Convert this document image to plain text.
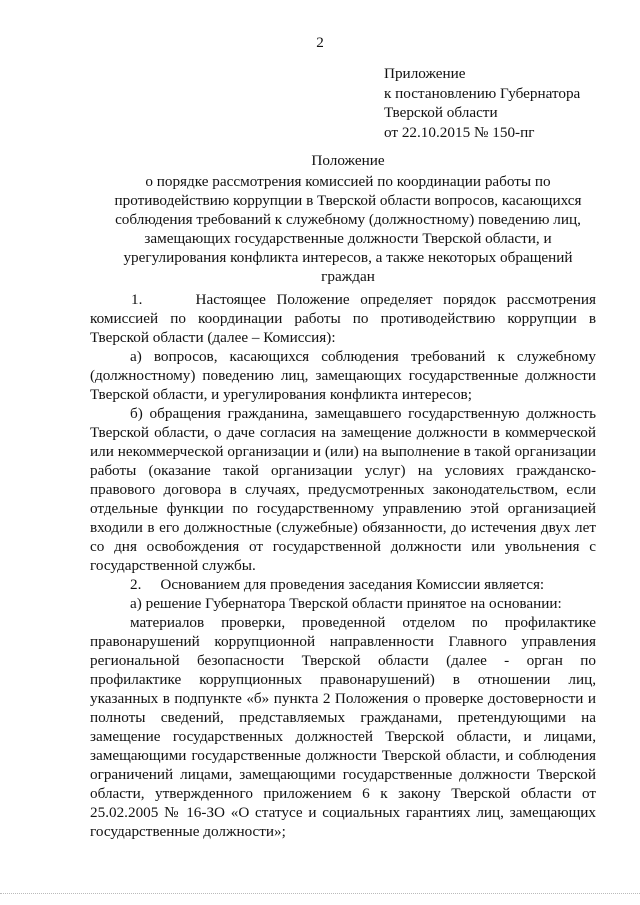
2
Приложение
к постановлению Губернатора
Тверской области
от 22.10.2015 № 150-пг
Положение
о порядке рассмотрения комиссией по координации работы по противодействию коррупции в Тверской области вопросов, касающихся соблюдения требований к служебному (должностному) поведению лиц, замещающих государственные должности Тверской области, и урегулирования конфликта интересов, а также некоторых обращений граждан

1.     Настоящее Положение определяет порядок рассмотрения комиссией по координации работы по противодействию коррупции в Тверской области (далее – Комиссия):

а) вопросов, касающихся соблюдения требований к служебному (должностному) поведению лиц, замещающих государственные должности Тверской области, и урегулирования конфликта интересов;

б) обращения гражданина, замещавшего государственную должность Тверской области, о даче согласия на замещение должности в коммерческой или некоммерческой организации и (или) на выполнение в такой организации работы (оказание такой организации услуг) на условиях гражданско-правового договора в случаях, предусмотренных законодательством, если отдельные функции по государственному управлению этой организацией входили в его должностные (служебные) обязанности, до истечения двух лет со дня освобождения от государственной должности или увольнения с государственной службы.

2.     Основанием для проведения заседания Комиссии является:

а) решение Губернатора Тверской области принятое на основании:

материалов проверки, проведенной отделом по профилактике правонарушений коррупционной направленности Главного управления региональной безопасности Тверской области (далее - орган по профилактике коррупционных правонарушений) в отношении лиц, указанных в подпункте «б» пункта 2 Положения о проверке достоверности и полноты сведений, представляемых гражданами, претендующими на замещение государственных должностей Тверской области, и лицами, замещающими государственные должности Тверской области, и соблюдения ограничений лицами, замещающими государственные должности Тверской области, утвержденного приложением 6 к закону Тверской области от 25.02.2005 № 16-ЗО «О статусе и социальных гарантиях лиц, замещающих государственные должности»;
